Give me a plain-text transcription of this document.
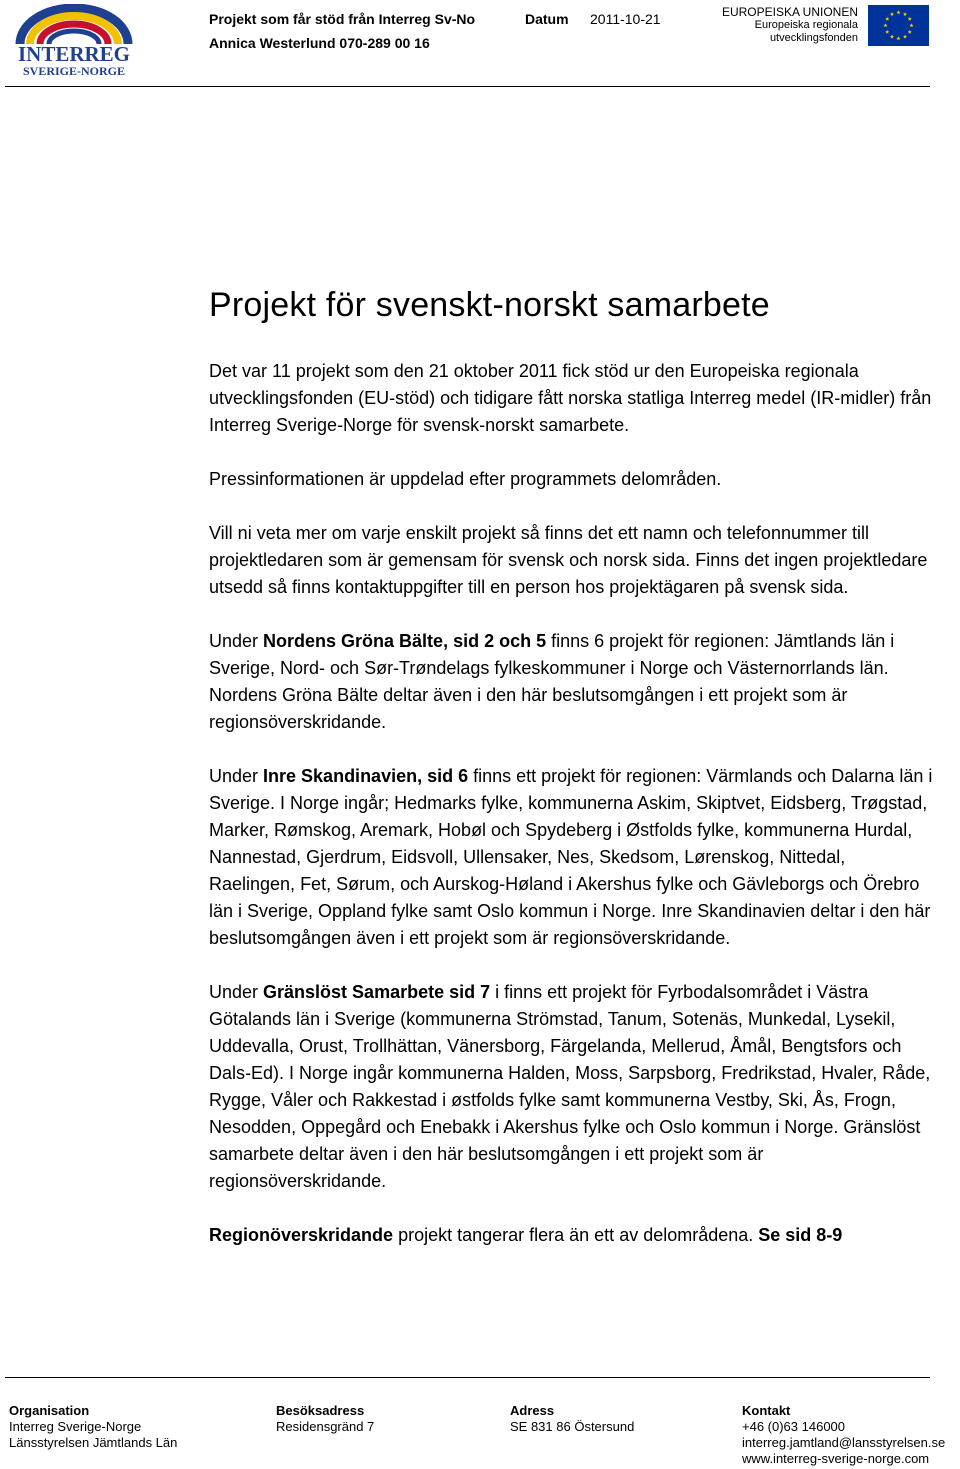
INTERREG
SVERIGE-NORGE
Projekt som får stöd från Interreg Sv-No
Annica Westerlund 070-289 00 16
Datum 2011-10-21	EUROPEISKA UNIONEN
Europeiska regionala
utvecklingsfonden
Projekt för svenskt-norskt samarbete

Det var 11 projekt som den 21 oktober 2011 fick stöd ur den Europeiska regionala utvecklingsfonden (EU-stöd) och tidigare fått norska statliga Interreg medel (IR-midler) från Interreg Sverige-Norge för svensk-norskt samarbete.

Pressinformationen är uppdelad efter programmets delområden.

Vill ni veta mer om varje enskilt projekt så finns det ett namn och telefonnummer till projektledaren som är gemensam för svensk och norsk sida. Finns det ingen projektledare utsedd så finns kontaktuppgifter till en person hos projektägaren på svensk sida.

Under Nordens Gröna Bälte, sid 2 och 5 finns 6 projekt för regionen: Jämtlands län i Sverige, Nord- och Sør-Trøndelags fylkeskommuner i Norge och Västernorrlands län. Nordens Gröna Bälte deltar även i den här beslutsomgången i ett projekt som är regionsöverskridande.

Under Inre Skandinavien, sid 6 finns ett projekt för regionen: Värmlands och Dalarna län i Sverige. I Norge ingår; Hedmarks fylke, kommunerna Askim, Skiptvet, Eidsberg, Trøgstad, Marker, Rømskog, Aremark, Hobøl och Spydeberg i Østfolds fylke, kommunerna Hurdal, Nannestad, Gjerdrum, Eidsvoll, Ullensaker, Nes, Skedsom, Lørenskog, Nittedal, Raelingen, Fet, Sørum, och Aurskog-Høland i Akershus fylke och Gävleborgs och Örebro län i Sverige, Oppland fylke samt Oslo kommun i Norge. Inre Skandinavien deltar i den här beslutsomgången även i ett projekt som är regionsöverskridande.

Under Gränslöst Samarbete sid 7 i finns ett projekt för Fyrbodalsområdet i Västra Götalands län i Sverige (kommunerna Strömstad, Tanum, Sotenäs, Munkedal, Lysekil, Uddevalla, Orust, Trollhättan, Vänersborg, Färgelanda, Mellerud, Åmål, Bengtsfors och Dals-Ed). I Norge ingår kommunerna Halden, Moss, Sarpsborg, Fredrikstad, Hvaler, Råde, Rygge, Våler och Rakkestad i østfolds fylke samt kommunerna Vestby, Ski, Ås, Frogn, Nesodden, Oppegård och Enebakk i Akershus fylke och Oslo kommun i Norge. Gränslöst samarbete deltar även i den här beslutsomgången i ett projekt som är regionsöverskridande.

Regionöverskridande projekt tangerar flera än ett av delområdena. Se sid 8-9

Organisation
Interreg Sverige-Norge
Länsstyrelsen Jämtlands Län
Besöksadress
Residensgränd 7
Adress
SE 831 86 Östersund
Kontakt
+46 (0)63 146000
interreg.jamtland@lansstyrelsen.se
www.interreg-sverige-norge.com
